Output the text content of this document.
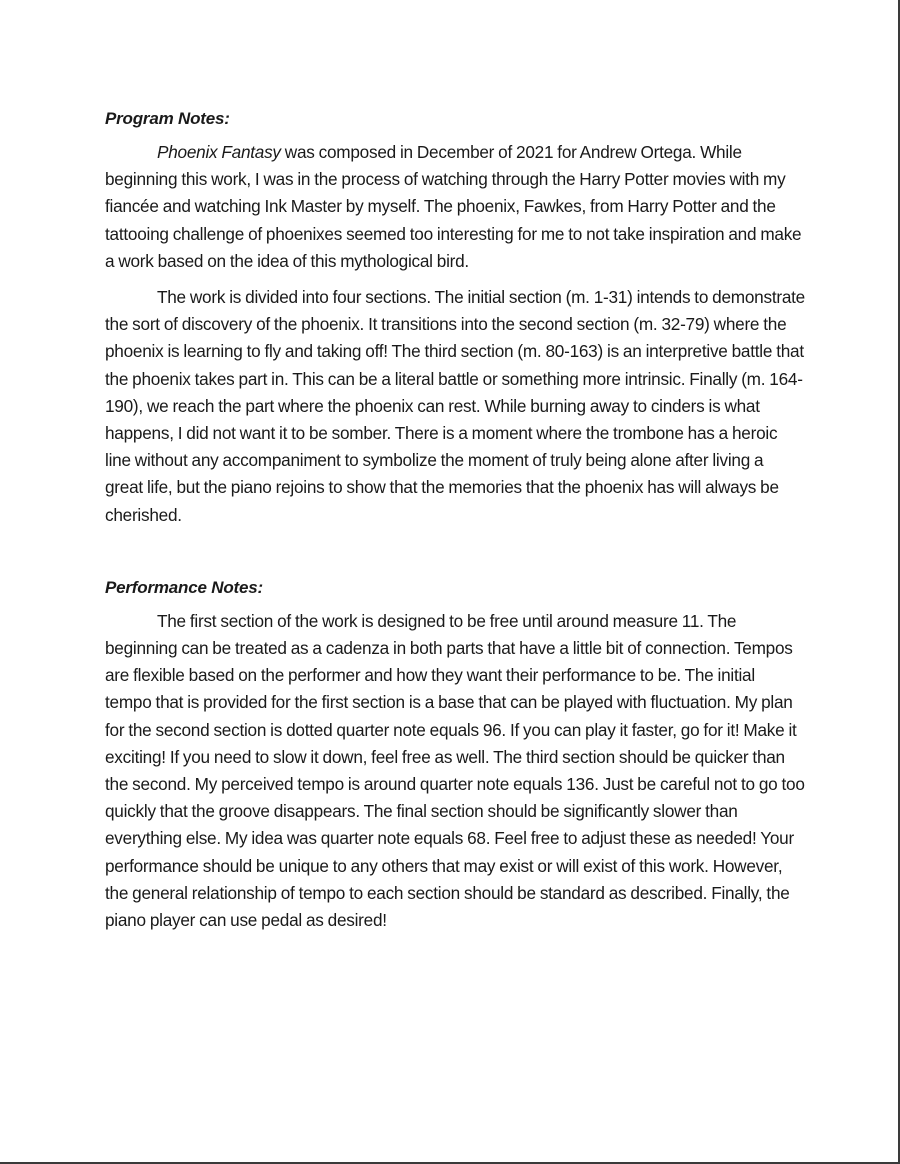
Program Notes:

Phoenix Fantasy was composed in December of 2021 for Andrew Ortega. While beginning this work, I was in the process of watching through the Harry Potter movies with my fiancée and watching Ink Master by myself. The phoenix, Fawkes, from Harry Potter and the tattooing challenge of phoenixes seemed too interesting for me to not take inspiration and make a work based on the idea of this mythological bird.

The work is divided into four sections. The initial section (m. 1-31) intends to demonstrate the sort of discovery of the phoenix. It transitions into the second section (m. 32-79) where the phoenix is learning to fly and taking off! The third section (m. 80-163) is an interpretive battle that the phoenix takes part in. This can be a literal battle or something more intrinsic. Finally (m. 164-190), we reach the part where the phoenix can rest. While burning away to cinders is what happens, I did not want it to be somber. There is a moment where the trombone has a heroic line without any accompaniment to symbolize the moment of truly being alone after living a great life, but the piano rejoins to show that the memories that the phoenix has will always be cherished.

Performance Notes:

The first section of the work is designed to be free until around measure 11. The beginning can be treated as a cadenza in both parts that have a little bit of connection. Tempos are flexible based on the performer and how they want their performance to be. The initial tempo that is provided for the first section is a base that can be played with fluctuation. My plan for the second section is dotted quarter note equals 96. If you can play it faster, go for it! Make it exciting! If you need to slow it down, feel free as well. The third section should be quicker than the second. My perceived tempo is around quarter note equals 136. Just be careful not to go too quickly that the groove disappears. The final section should be significantly slower than everything else. My idea was quarter note equals 68. Feel free to adjust these as needed! Your performance should be unique to any others that may exist or will exist of this work. However, the general relationship of tempo to each section should be standard as described. Finally, the piano player can use pedal as desired!
